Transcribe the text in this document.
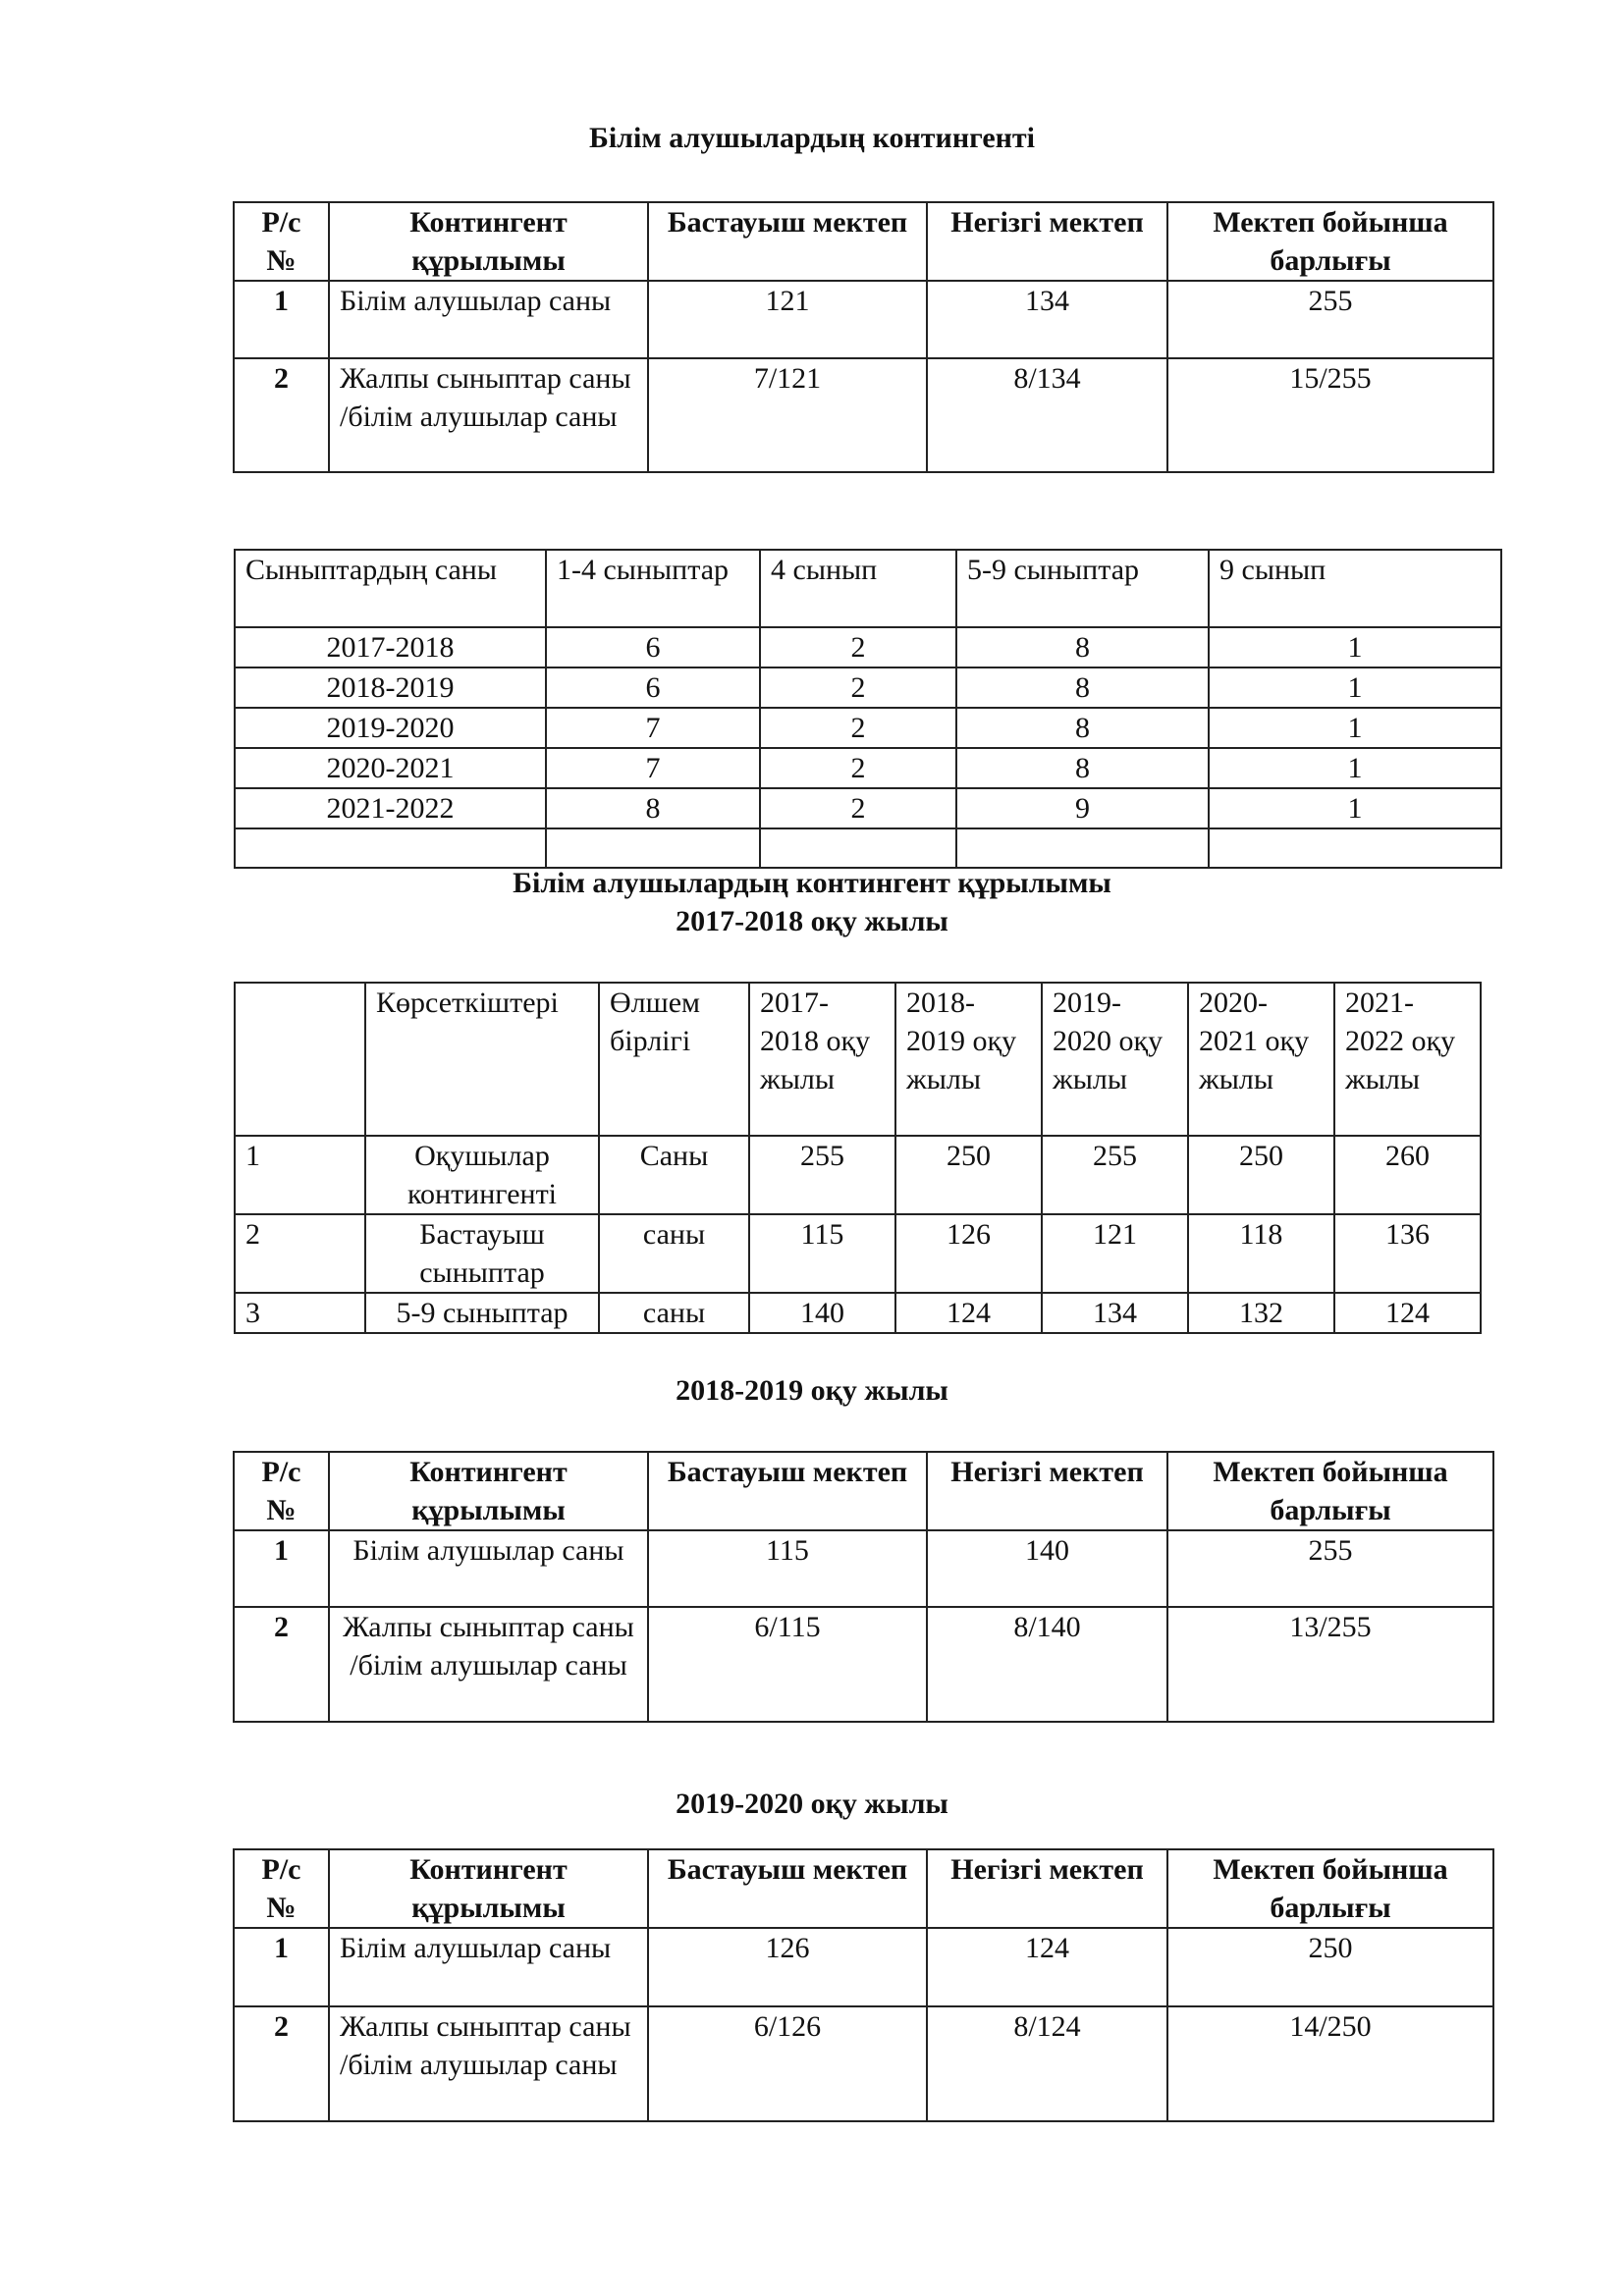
Білім алушылардың контингенті
Р/с №	Контингент құрылымы	Бастауыш мектеп	Негізгі мектеп	Мектеп бойынша барлығы
1	Білім алушылар саны	121	134	255
2	Жалпы сыныптар саны /білім алушылар саны	7/121	8/134	15/255
Сыныптардың саны	1-4 сыныптар	4 сынып	5-9 сыныптар	9 сынып
2017-2018	6	2	8	1
2018-2019	6	2	8	1
2019-2020	7	2	8	1
2020-2021	7	2	8	1
2021-2022	8	2	9	1

Білім алушылардың контингент құрылымы
2017-2018 оқу жылы
	Көрсеткіштері	Өлшем бірлігі	2017-2018 оқу жылы	2018-2019 оқу жылы	2019-2020 оқу жылы	2020-2021 оқу жылы	2021-2022 оқу жылы
1	Оқушылар контингенті	Саны	255	250	255	250	260
2	Бастауыш сыныптар	саны	115	126	121	118	136
3	5-9 сыныптар	саны	140	124	134	132	124
2018-2019 оқу жылы
Р/с №	Контингент құрылымы	Бастауыш мектеп	Негізгі мектеп	Мектеп бойынша барлығы
1	Білім алушылар саны	115	140	255
2	Жалпы сыныптар саны /білім алушылар саны	6/115	8/140	13/255
2019-2020 оқу жылы
Р/с №	Контингент құрылымы	Бастауыш мектеп	Негізгі мектеп	Мектеп бойынша барлығы
1	Білім алушылар саны	126	124	250
2	Жалпы сыныптар саны /білім алушылар саны	6/126	8/124	14/250
